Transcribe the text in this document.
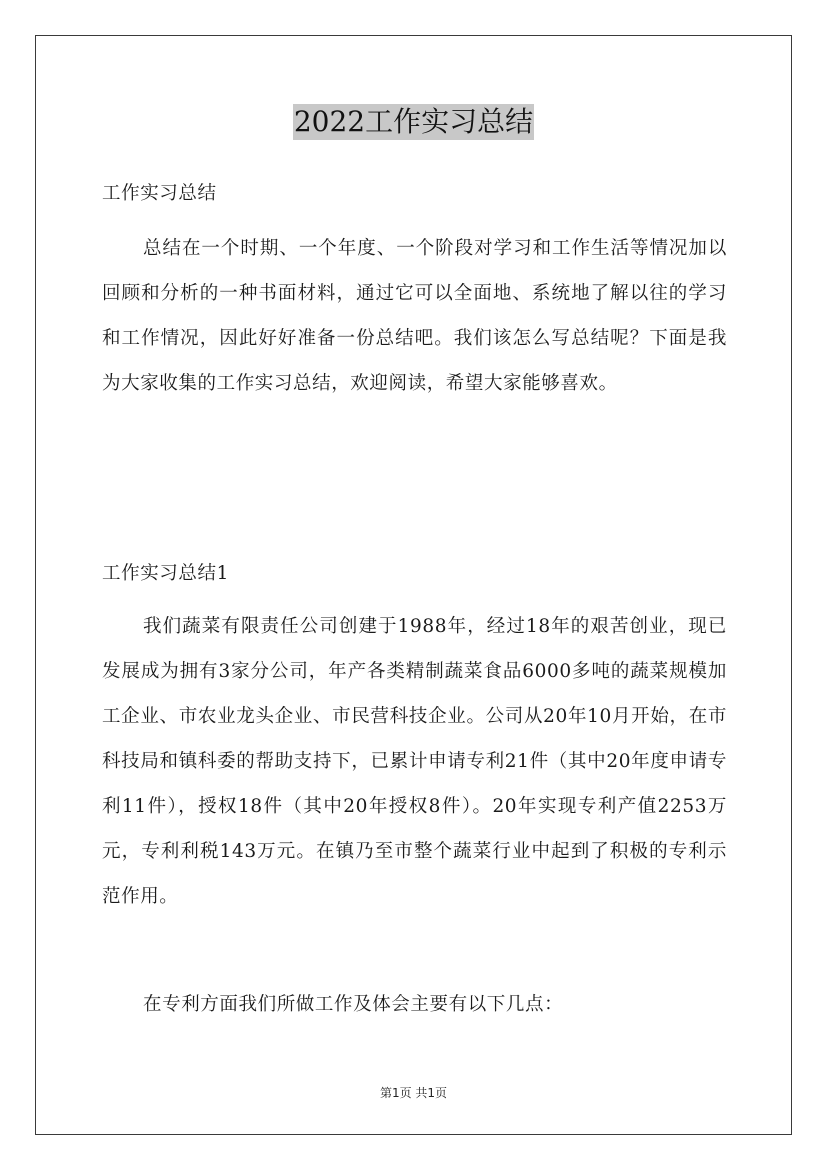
2022工作实习总结
工作实习总结
总结在一个时期、一个年度、一个阶段对学习和工作生活等情况加以回顾和分析的一种书面材料，通过它可以全面地、系统地了解以往的学习和工作情况，因此好好准备一份总结吧。我们该怎么写总结呢？下面是我为大家收集的工作实习总结，欢迎阅读，希望大家能够喜欢。
工作实习总结1
我们蔬菜有限责任公司创建于1988年，经过18年的艰苦创业，现已发展成为拥有3家分公司，年产各类精制蔬菜食品6000多吨的蔬菜规模加工企业、市农业龙头企业、市民营科技企业。公司从20年10月开始，在市科技局和镇科委的帮助支持下，已累计申请专利21件（其中20年度申请专利11件），授权18件（其中20年授权8件）。20年实现专利产值2253万元，专利利税143万元。在镇乃至市整个蔬菜行业中起到了积极的专利示范作用。
在专利方面我们所做工作及体会主要有以下几点：
第1页 共1页
